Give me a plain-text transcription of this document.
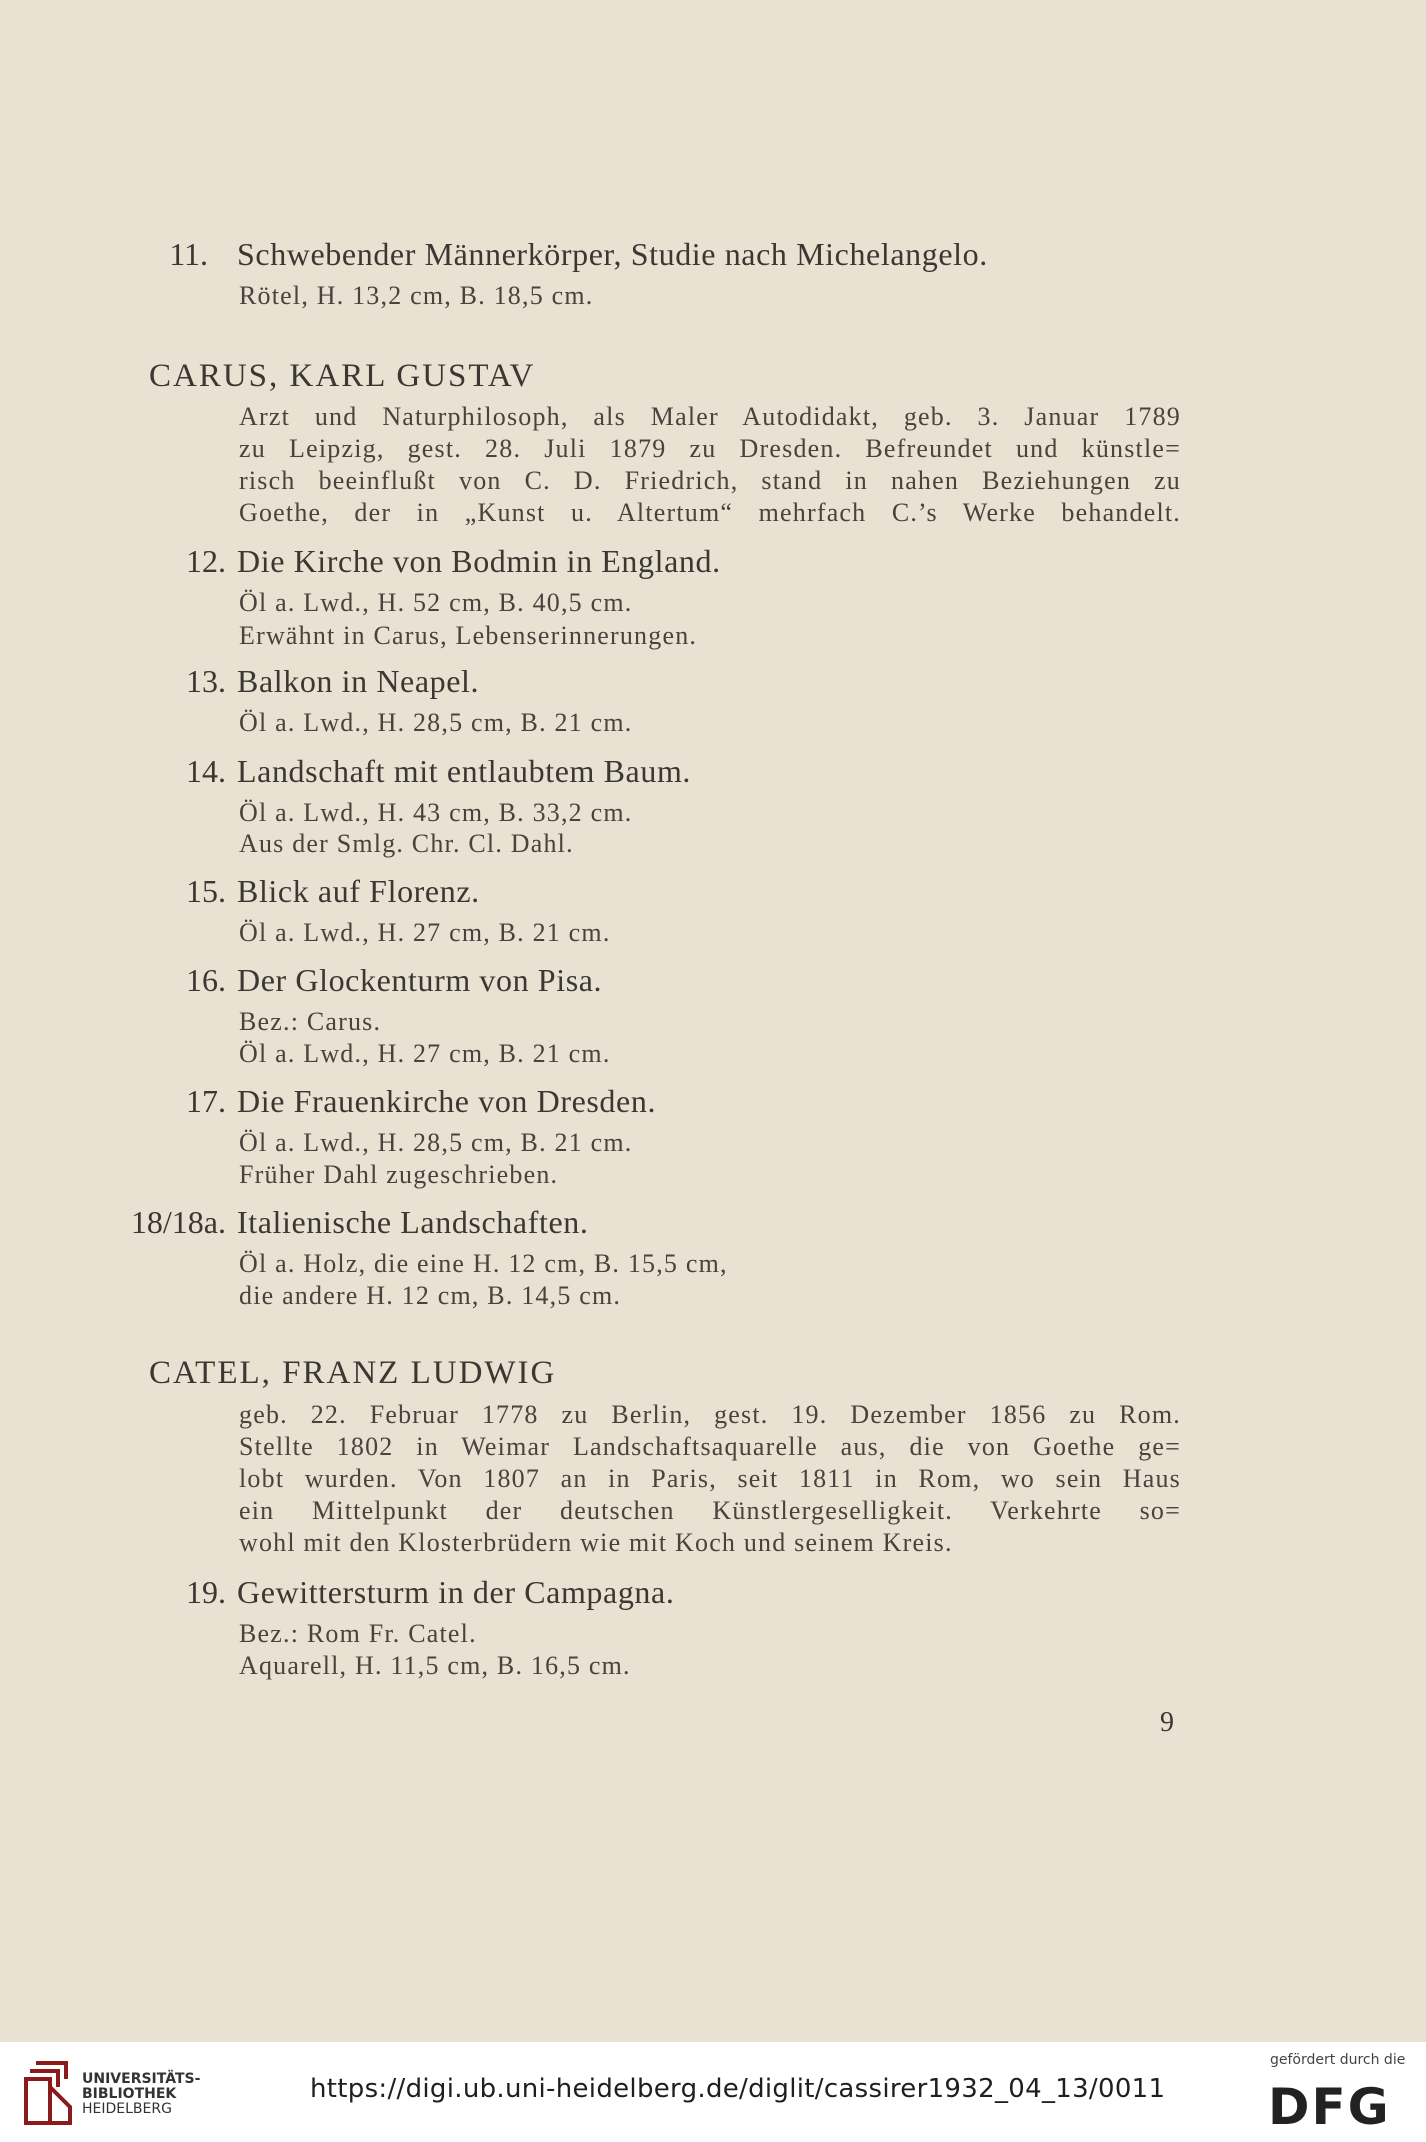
11. Schwebender Männerkörper, Studie nach Michelangelo.
Rötel, H. 13,2 cm, B. 18,5 cm.
CARUS, KARL GUSTAV
Arzt und Naturphilosoph, als Maler Autodidakt, geb. 3. Januar 1789
zu Leipzig, gest. 28. Juli 1879 zu Dresden. Befreundet und künstle=
risch beeinflußt von C. D. Friedrich, stand in nahen Beziehungen zu
Goethe, der in „Kunst u. Altertum“ mehrfach C.’s Werke behandelt.
12. Die Kirche von Bodmin in England.
Öl a. Lwd., H. 52 cm, B. 40,5 cm.
Erwähnt in Carus, Lebenserinnerungen.
13. Balkon in Neapel.
Öl a. Lwd., H. 28,5 cm, B. 21 cm.
14. Landschaft mit entlaubtem Baum.
Öl a. Lwd., H. 43 cm, B. 33,2 cm.
Aus der Smlg. Chr. Cl. Dahl.
15. Blick auf Florenz.
Öl a. Lwd., H. 27 cm, B. 21 cm.
16. Der Glockenturm von Pisa.
Bez.: Carus.
Öl a. Lwd., H. 27 cm, B. 21 cm.
17. Die Frauenkirche von Dresden.
Öl a. Lwd., H. 28,5 cm, B. 21 cm.
Früher Dahl zugeschrieben.
18/18a. Italienische Landschaften.
Öl a. Holz, die eine H. 12 cm, B. 15,5 cm,
die andere H. 12 cm, B. 14,5 cm.
CATEL, FRANZ LUDWIG
geb. 22. Februar 1778 zu Berlin, gest. 19. Dezember 1856 zu Rom.
Stellte 1802 in Weimar Landschaftsaquarelle aus, die von Goethe ge=
lobt wurden. Von 1807 an in Paris, seit 1811 in Rom, wo sein Haus
ein Mittelpunkt der deutschen Künstlergeselligkeit. Verkehrte so=
wohl mit den Klosterbrüdern wie mit Koch und seinem Kreis.
19. Gewittersturm in der Campagna.
Bez.: Rom Fr. Catel.
Aquarell, H. 11,5 cm, B. 16,5 cm.
9
UNIVERSITÄTS-
BIBLIOTHEK
HEIDELBERG
https://digi.ub.uni-heidelberg.de/diglit/cassirer1932_04_13/0011
gefördert durch die
DFG
